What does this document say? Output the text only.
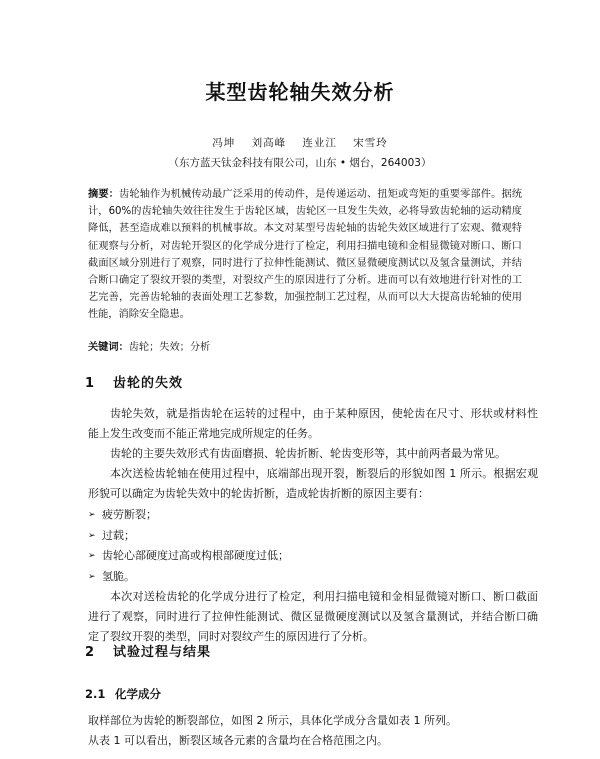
某型齿轮轴失效分析
冯坤 刘高峰 连业江 宋雪玲
（东方蓝天钛金科技有限公司，山东 • 烟台，264003）

摘要：齿轮轴作为机械传动最广泛采用的传动件，是传递运动、扭矩或弯矩的重要零部件。据统计，60%的齿轮轴失效往往发生于齿轮区域，齿轮区一旦发生失效，必将导致齿轮轴的运动精度降低，甚至造成难以预料的机械事故。本文对某型号齿轮轴的齿轮失效区域进行了宏观、微观特征观察与分析，对齿轮开裂区的化学成分进行了检定，利用扫描电镜和金相显微镜对断口、断口截面区域分别进行了观察，同时进行了拉伸性能测试、微区显微硬度测试以及氢含量测试，并结合断口确定了裂纹开裂的类型，对裂纹产生的原因进行了分析。进而可以有效地进行针对性的工艺完善，完善齿轮轴的表面处理工艺参数，加强控制工艺过程，从而可以大大提高齿轮轴的使用性能，消除安全隐患。

关键词：齿轮；失效；分析

1 齿轮的失效

齿轮失效，就是指齿轮在运转的过程中，由于某种原因，使轮齿在尺寸、形状或材料性能上发生改变而不能正常地完成所规定的任务。

齿轮的主要失效形式有齿面磨损、轮齿折断、轮齿变形等，其中前两者最为常见。

本次送检齿轮轴在使用过程中，底端部出现开裂，断裂后的形貌如图 1 所示。根据宏观形貌可以确定为齿轮失效中的轮齿折断，造成轮齿折断的原因主要有：

➢ 疲劳断裂；
➢ 过载；
➢ 齿轮心部硬度过高或构根部硬度过低；
➢ 氢脆。

本次对送检齿轮的化学成分进行了检定，利用扫描电镜和金相显微镜对断口、断口截面进行了观察，同时进行了拉伸性能测试、微区显微硬度测试以及氢含量测试，并结合断口确定了裂纹开裂的类型，同时对裂纹产生的原因进行了分析。

2 试验过程与结果
2.1 化学成分

取样部位为齿轮的断裂部位，如图 2 所示，具体化学成分含量如表 1 所列。

从表 1 可以看出，断裂区域各元素的含量均在合格范围之内。
